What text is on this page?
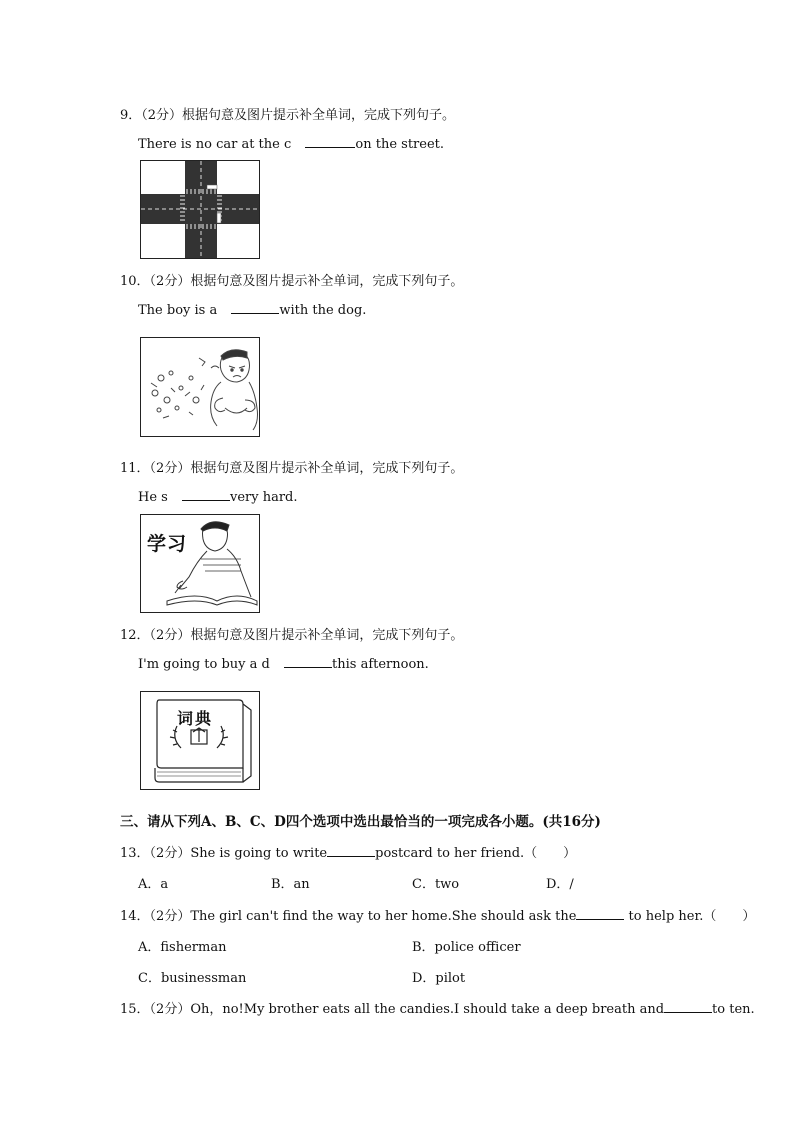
9．（2分）根据句意及图片提示补全单词，完成下列句子。
There is no car at the c	on the street.
10．（2分）根据句意及图片提示补全单词，完成下列句子。
The boy is a	with the dog.
11．（2分）根据句意及图片提示补全单词，完成下列句子。
He s	very hard.
学习
12．（2分）根据句意及图片提示补全单词，完成下列句子。
I'm going to buy a d	this afternoon.
词典
三、请从下列A、B、C、D四个选项中选出最恰当的一项完成各小题。(共16分)
13．（2分）She is going to write	postcard to her friend.（　　）
A．a	B．an	C．two	D．/
14．（2分）The girl can't find the way to her home.She should ask the	to help her.（　　）
A．fisherman	B．police officer
C．businessman	D．pilot
15．（2分）Oh，no!My brother eats all the candies.I should take a deep breath and	to ten.
